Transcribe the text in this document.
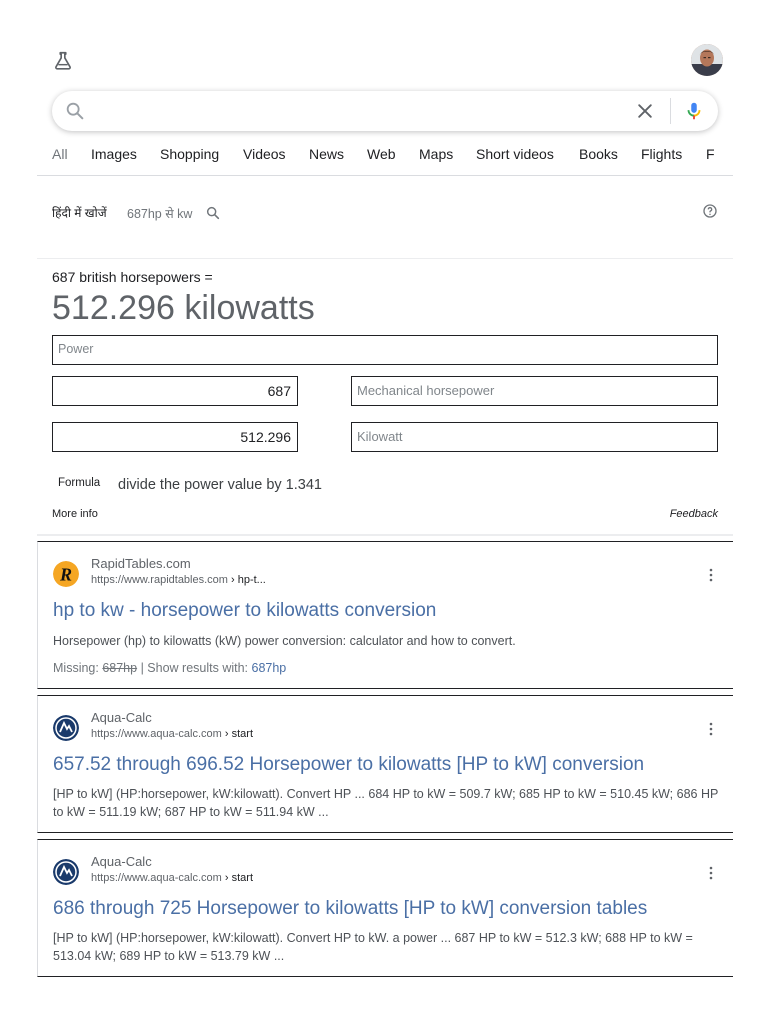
All Images Shopping Videos News Web Maps Short videos Books Flights F
हिंदी में खोजें 687hp से kw
687 british horsepowers =
512.296 kilowatts
Power
687	Mechanical horsepower
512.296	Kilowatt
Formula divide the power value by 1.341
More info	Feedback
R
RapidTables.com
https://www.rapidtables.com › hp-t...
hp to kw - horsepower to kilowatts conversion
Horsepower (hp) to kilowatts (kW) power conversion: calculator and how to convert.
Missing: 687hp | Show results with: 687hp
Aqua-Calc
https://www.aqua-calc.com › start
657.52 through 696.52 Horsepower to kilowatts [HP to kW] conversion
[HP to kW] (HP:horsepower, kW:kilowatt). Convert HP ... 684 HP to kW = 509.7 kW; 685 HP to kW = 510.45 kW; 686 HP to kW = 511.19 kW; 687 HP to kW = 511.94 kW ...
Aqua-Calc
https://www.aqua-calc.com › start
686 through 725 Horsepower to kilowatts [HP to kW] conversion tables
[HP to kW] (HP:horsepower, kW:kilowatt). Convert HP to kW. a power ... 687 HP to kW = 512.3 kW; 688 HP to kW = 513.04 kW; 689 HP to kW = 513.79 kW ...
